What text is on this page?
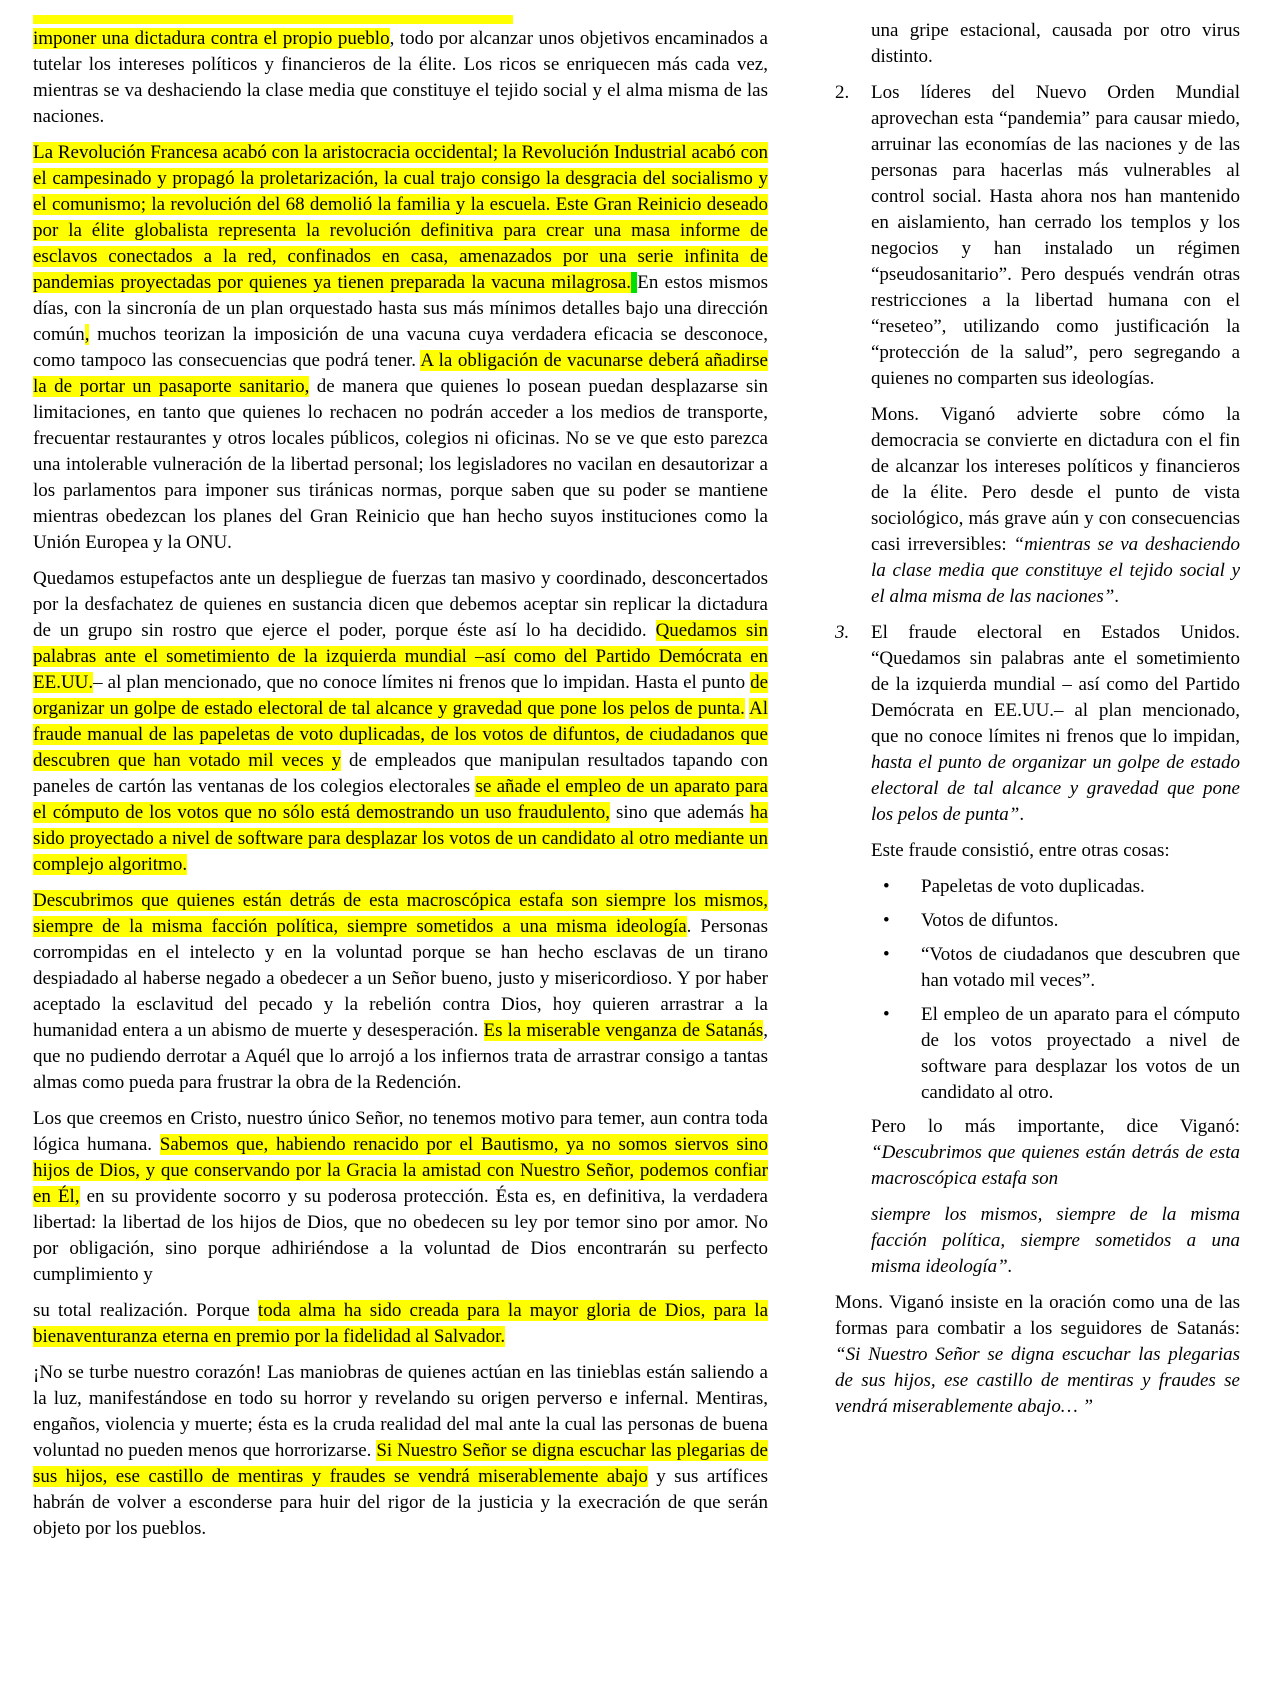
imponer una dictadura contra el propio pueblo, todo por alcanzar unos objetivos encaminados a tutelar los intereses políticos y financieros de la élite. Los ricos se enriquecen más cada vez, mientras se va deshaciendo la clase media que constituye el tejido social y el alma misma de las naciones.

La Revolución Francesa acabó con la aristocracia occidental; la Revolución Industrial acabó con el campesinado y propagó la proletarización, la cual trajo consigo la desgracia del socialismo y el comunismo; la revolución del 68 demolió la familia y la escuela. Este Gran Reinicio deseado por la élite globalista representa la revolución definitiva para crear una masa informe de esclavos conectados a la red, confinados en casa, amenazados por una serie infinita de pandemias proyectadas por quienes ya tienen preparada la vacuna milagrosa. En estos mismos días, con la sincronía de un plan orquestado hasta sus más mínimos detalles bajo una dirección común, muchos teorizan la imposición de una vacuna cuya verdadera eficacia se desconoce, como tampoco las consecuencias que podrá tener. A la obligación de vacunarse deberá añadirse la de portar un pasaporte sanitario, de manera que quienes lo posean puedan desplazarse sin limitaciones, en tanto que quienes lo rechacen no podrán acceder a los medios de transporte, frecuentar restaurantes y otros locales públicos, colegios ni oficinas. No se ve que esto parezca una intolerable vulneración de la libertad personal; los legisladores no vacilan en desautorizar a los parlamentos para imponer sus tiránicas normas, porque saben que su poder se mantiene mientras obedezcan los planes del Gran Reinicio que han hecho suyos instituciones como la Unión Europea y la ONU.

Quedamos estupefactos ante un despliegue de fuerzas tan masivo y coordinado, desconcertados por la desfachatez de quienes en sustancia dicen que debemos aceptar sin replicar la dictadura de un grupo sin rostro que ejerce el poder, porque éste así lo ha decidido. Quedamos sin palabras ante el sometimiento de la izquierda mundial –así como del Partido Demócrata en EE.UU.– al plan mencionado, que no conoce límites ni frenos que lo impidan. Hasta el punto de organizar un golpe de estado electoral de tal alcance y gravedad que pone los pelos de punta. Al fraude manual de las papeletas de voto duplicadas, de los votos de difuntos, de ciudadanos que descubren que han votado mil veces y de empleados que manipulan resultados tapando con paneles de cartón las ventanas de los colegios electorales se añade el empleo de un aparato para el cómputo de los votos que no sólo está demostrando un uso fraudulento, sino que además ha sido proyectado a nivel de software para desplazar los votos de un candidato al otro mediante un complejo algoritmo.

Descubrimos que quienes están detrás de esta macroscópica estafa son siempre los mismos, siempre de la misma facción política, siempre sometidos a una misma ideología. Personas corrompidas en el intelecto y en la voluntad porque se han hecho esclavas de un tirano despiadado al haberse negado a obedecer a un Señor bueno, justo y misericordioso. Y por haber aceptado la esclavitud del pecado y la rebelión contra Dios, hoy quieren arrastrar a la humanidad entera a un abismo de muerte y desesperación. Es la miserable venganza de Satanás, que no pudiendo derrotar a Aquél que lo arrojó a los infiernos trata de arrastrar consigo a tantas almas como pueda para frustrar la obra de la Redención.

Los que creemos en Cristo, nuestro único Señor, no tenemos motivo para temer, aun contra toda lógica humana. Sabemos que, habiendo renacido por el Bautismo, ya no somos siervos sino hijos de Dios, y que conservando por la Gracia la amistad con Nuestro Señor, podemos confiar en Él, en su providente socorro y su poderosa protección. Ésta es, en definitiva, la verdadera libertad: la libertad de los hijos de Dios, que no obedecen su ley por temor sino por amor. No por obligación, sino porque adhiriéndose a la voluntad de Dios encontrarán su perfecto cumplimiento y

su total realización. Porque toda alma ha sido creada para la mayor gloria de Dios, para la bienaventuranza eterna en premio por la fidelidad al Salvador.

¡No se turbe nuestro corazón! Las maniobras de quienes actúan en las tinieblas están saliendo a la luz, manifestándose en todo su horror y revelando su origen perverso e infernal. Mentiras, engaños, violencia y muerte; ésta es la cruda realidad del mal ante la cual las personas de buena voluntad no pueden menos que horrorizarse. Si Nuestro Señor se digna escuchar las plegarias de sus hijos, ese castillo de mentiras y fraudes se vendrá miserablemente abajo y sus artífices habrán de volver a esconderse para huir del rigor de la justicia y la execración de que serán objeto por los pueblos.

una gripe estacional, causada por otro virus distinto.

2.	Los líderes del Nuevo Orden Mundial aprovechan esta “pandemia” para causar miedo, arruinar las economías de las naciones y de las personas para hacerlas más vulnerables al control social. Hasta ahora nos han mantenido en aislamiento, han cerrado los templos y los negocios y han instalado un régimen “pseudosanitario”. Pero después vendrán otras restricciones a la libertad humana con el “reseteo”, utilizando como justificación la “protección de la salud”, pero segregando a quienes no comparten sus ideologías.

Mons. Viganó advierte sobre cómo la democracia se convierte en dictadura con el fin de alcanzar los intereses políticos y financieros de la élite. Pero desde el punto de vista sociológico, más grave aún y con consecuencias casi irreversibles: “mientras se va deshaciendo la clase media que constituye el tejido social y el alma misma de las naciones”.

3.	El fraude electoral en Estados Unidos. “Quedamos sin palabras ante el sometimiento de la izquierda mundial – así como del Partido Demócrata en EE.UU.– al plan mencionado, que no conoce límites ni frenos que lo impidan, hasta el punto de organizar un golpe de estado electoral de tal alcance y gravedad que pone los pelos de punta”.

Este fraude consistió, entre otras cosas:

•	Papeletas de voto duplicadas.
•	Votos de difuntos.
•	“Votos de ciudadanos que descubren que han votado mil veces”.
•	El empleo de un aparato para el cómputo de los votos proyectado a nivel de software para desplazar los votos de un candidato al otro.

Pero lo más importante, dice Viganó: “Descubrimos que quienes están detrás de esta macroscópica estafa son

siempre los mismos, siempre de la misma facción política, siempre sometidos a una misma ideología”.

Mons. Viganó insiste en la oración como una de las formas para combatir a los seguidores de Satanás: “Si Nuestro Señor se digna escuchar las plegarias de sus hijos, ese castillo de mentiras y fraudes se vendrá miserablemente abajo… ”
